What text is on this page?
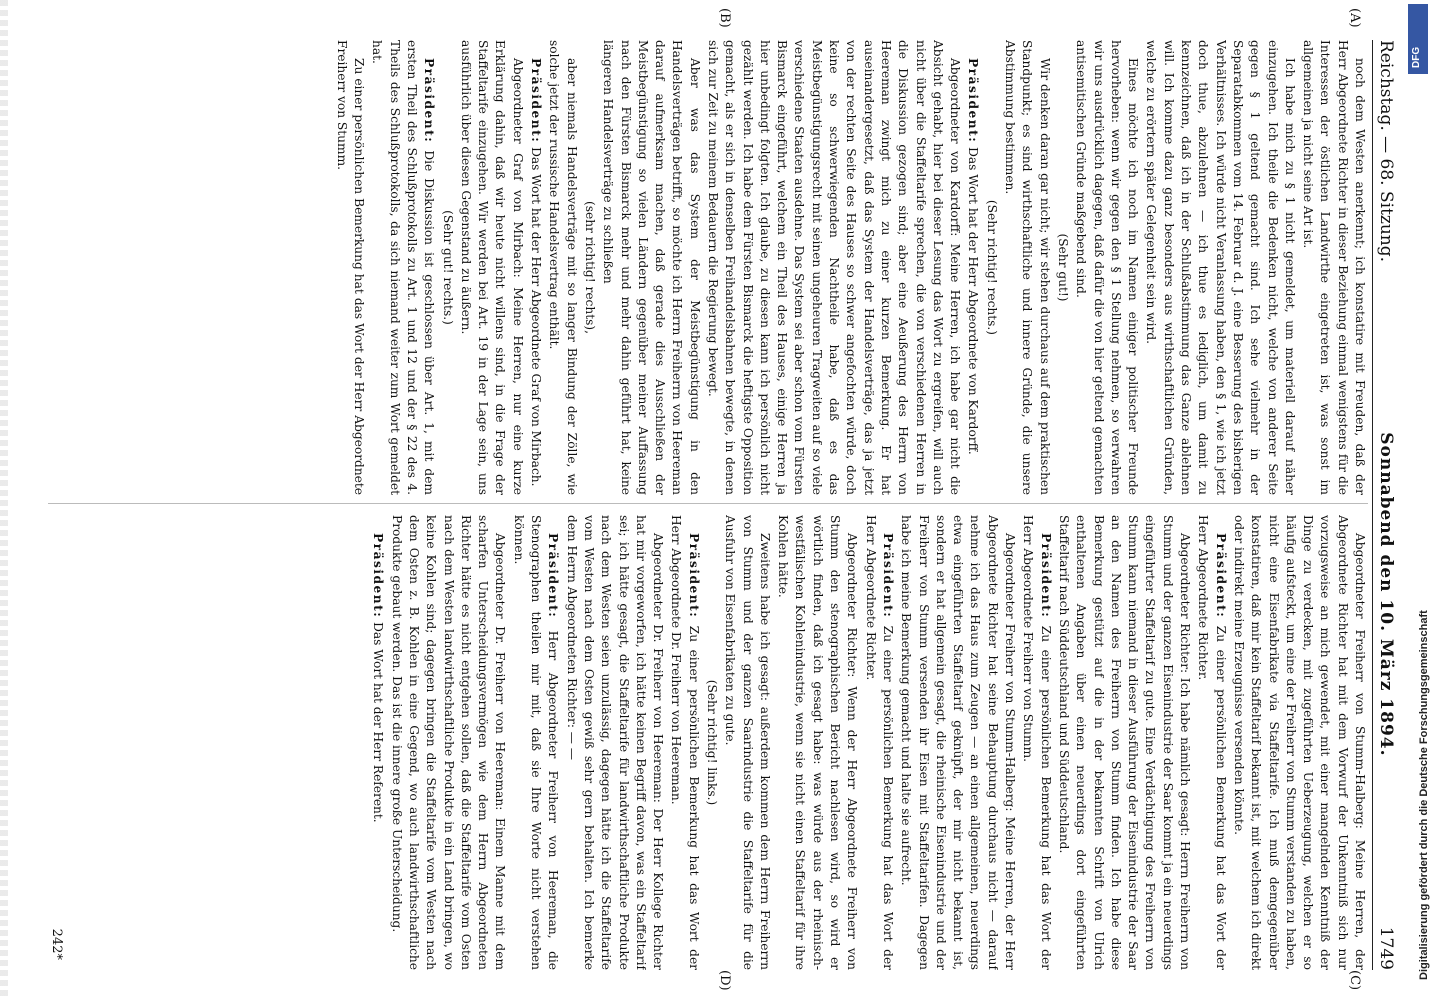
Reichstag. — 68. Sitzung.
Sonnabend den 10. März 1894.
1749
(A)
(B)
(C)
(D)

noch dem Westen anerkennt; ich konstatire mit Freuden, daß der Herr Abgeordnete Richter in dieser Beziehung einmal wenigstens für die Interessen der östlichen Landwirthe eingetreten ist, was sonst im allgemeinen ja nicht seine Art ist.

Ich habe mich zu § 1 nicht gemeldet, um materiell darauf näher einzugehen. Ich theile die Bedenken nicht, welche von anderer Seite gegen § 1 geltend gemacht sind. Ich sehe vielmehr in der Separatabkommen vom 14. Februar d. J. eine Besserung des bisherigen Verhältnisses. Ich würde nicht Veranlassung haben, den § 1, wie ich jetzt doch thue, abzulehnen — ich thue es lediglich, um damit zu kennzeichnen, daß ich in der Schlußabstimmung das Ganze ablehnen will. Ich komme dazu ganz besonders aus wirthschaftlichen Gründen, welche zu erörtern später Gelegenheit sein wird.

Eines möchte ich noch im Namen einiger politischer Freunde hervorheben: wenn wir gegen den § 1 Stellung nehmen, so verwahren wir uns ausdrücklich dagegen, daß dafür die von hier geltend gemachten antisemitischen Gründe maßgebend sind.

(Sehr gut!)

Wir denken daran gar nicht; wir stehen durchaus auf dem praktischen Standpunkt; es sind wirthschaftliche und innere Gründe, die unsere Abstimmung bestimmen.

(Sehr richtig! rechts.)

Präsident: Das Wort hat der Herr Abgeordnete von Kardorff.

Abgeordneter von Kardorff: Meine Herren, ich habe gar nicht die Absicht gehabt, hier bei dieser Lesung das Wort zu ergreifen, will auch nicht über die Staffeltarife sprechen, die von verschiedenen Herren in die Diskussion gezogen sind; aber eine Aeußerung des Herrn von Heereman zwingt mich zu einer kurzen Bemerkung. Er hat auseinandergesetzt, daß das System der Handelsverträge, das ja jetzt von der rechten Seite des Hauses so schwer angefochten würde, doch keine so schwerwiegenden Nachtheile habe, daß es das Meistbegünstigungsrecht mit seinen ungeheuren Tragweiten auf so viele verschiedene Staaten ausdehne. Das System sei aber schon vom Fürsten Bismarck eingeführt, welchem ein Theil des Hauses, einige Herren ja hier unbedingt folgten. Ich glaube, zu diesen kann ich persönlich nicht gezählt werden. Ich habe dem Fürsten Bismarck die heftigste Opposition gemacht, als er sich in denselben Freihandelsbahnen bewegte, in denen sich zur Zeit zu meinem Bedauern die Regierung bewegt.

Aber was das System der Meistbegünstigung in den Handelsverträgen betrifft, so möchte ich Herrn Freiherrn von Heereman darauf aufmerksam machen, daß gerade dies Ausschließen der Meistbegünstigung so vielen Ländern gegenüber meiner Auffassung nach den Fürsten Bismarck mehr und mehr dahin geführt hat, keine längeren Handelsverträge zu schließen

(sehr richtig! rechts),

aber niemals Handelsverträge mit so langer Bindung der Zölle, wie solche jetzt der russische Handelsvertrag enthält.

Präsident: Das Wort hat der Herr Abgeordnete Graf von Mirbach.

Abgeordneter Graf von Mirbach: Meine Herren, nur eine kurze Erklärung dahin, daß wir heute nicht willens sind, in die Frage der Staffeltarife einzugehen. Wir werden bei Art. 19 in der Lage sein, uns ausführlich über diesen Gegenstand zu äußern.

(Sehr gut! rechts.)

Präsident: Die Diskussion ist geschlossen über Art. 1, mit dem ersten Theil des Schlußprotokolls zu Art. 1 und 12 und der § 22 des 4. Theils des Schlußprotokolls, da sich niemand weiter zum Wort gemeldet hat.

Zu einer persönlichen Bemerkung hat das Wort der Herr Abgeordnete Freiherr von Stumm.

Abgeordneter Freiherr von Stumm-Halberg: Meine Herren, der Abgeordnete Richter hat mit dem Vorwurf der Unkenntniß sich nur vorzugsweise an mich gewendet, mit einer mangelnden Kenntniß der Dinge zu verdecken, mit zugeführten Ueberzeugung, welchen er so häufig aufsteckt, um eine der Freiherr von Stumm verstanden zu haben, nicht eine Eisenfabrikate via Staffeltarife. Ich muß demgegenüber konstatiren, daß mir kein Staffeltarif bekannt ist, mit welchem ich direkt oder indirekt meine Erzeugnisse versenden könnte.

Präsident: Zu einer persönlichen Bemerkung hat das Wort der Herr Abgeordnete Richter.

Abgeordneter Richter: Ich habe nämlich gesagt: Herrn Freiherrn von Stumm und der ganzen Eisenindustrie der Saar kommt ja ein neuerdings eingeführter Staffeltarif zu gute. Eine Verdächtigung des Freiherrn von Stumm kann niemand in dieser Ausführung der Eisenindustrie der Saar an den Namen des Freiherrn von Stumm finden. Ich habe diese Bemerkung gestützt auf die in der bekannten Schrift von Ulrich enthaltenen Angaben über einen neuerdings dort eingeführten Staffeltarif nach Süddeutschland und Süddeutschland.

Präsident: Zu einer persönlichen Bemerkung hat das Wort der Herr Abgeordnete Freiherr von Stumm.

Abgeordneter Freiherr von Stumm-Halberg: Meine Herren, der Herr Abgeordnete Richter hat seine Behauptung durchaus nicht — darauf nehme ich das Haus zum Zeugen — an einen allgemeinen, neuerdings etwa eingeführten Staffeltarif geknüpft, der mir nicht bekannt ist, sondern er hat allgemein gesagt, die rheinische Eisenindustrie und der Freiherr von Stumm versenden ihr Eisen mit Staffeltarifen. Dagegen habe ich meine Bemerkung gemacht und halte sie aufrecht.

Präsident: Zu einer persönlichen Bemerkung hat das Wort der Herr Abgeordnete Richter.

Abgeordneter Richter: Wenn der Herr Abgeordnete Freiherr von Stumm den stenographischen Bericht nachlesen wird, so wird er wörtlich finden, daß ich gesagt habe: was würde aus der rheinisch-westfälischen Kohlenindustrie, wenn sie nicht einen Staffeltarif für ihre Kohlen hätte.

Zweitens habe ich gesagt: außerdem kommen dem Herrn Freiherrn von Stumm und der ganzen Saarindustrie die Staffeltarife für die Ausfuhr von Eisenfabrikaten zu gute.

(Sehr richtig! links.)

Präsident: Zu einer persönlichen Bemerkung hat das Wort der Herr Abgeordnete Dr. Freiherr von Heereman.

Abgeordneter Dr. Freiherr von Heereman: Der Herr Kollege Richter hat mir vorgeworfen, ich hätte keinen Begriff davon, was ein Staffeltarif sei; ich hätte gesagt, die Staffeltarife für landwirthschaftliche Produkte nach dem Westen seien unzulässig, dagegen hätte ich die Staffeltarife vom Westen nach dem Osten gewiß sehr gern behalten. Ich bemerke dem Herrn Abgeordneten Richter: — —

Präsident: Herr Abgeordneter Freiherr von Heereman, die Stenographen theilen mir mit, daß sie Ihre Worte nicht verstehen können.

Abgeordneter Dr. Freiherr von Heereman: Einem Manne mit dem scharfen Unterscheidungsvermögen wie dem Herrn Abgeordneten Richter hätte es nicht entgehen sollen, daß die Staffeltarife vom Osten nach dem Westen landwirthschaftliche Produkte in ein Land bringen, wo keine Kohlen sind; dagegen bringen die Staffeltarife vom Westen nach dem Osten z. B. Kohlen in eine Gegend, wo auch landwirthschaftliche Produkte gebaut werden. Das ist die innere große Unterscheidung.

Präsident: Das Wort hat der Herr Referent.

242*
DFG
Digitalisierung gefördert durch die Deutsche Forschungsgemeinschaft
